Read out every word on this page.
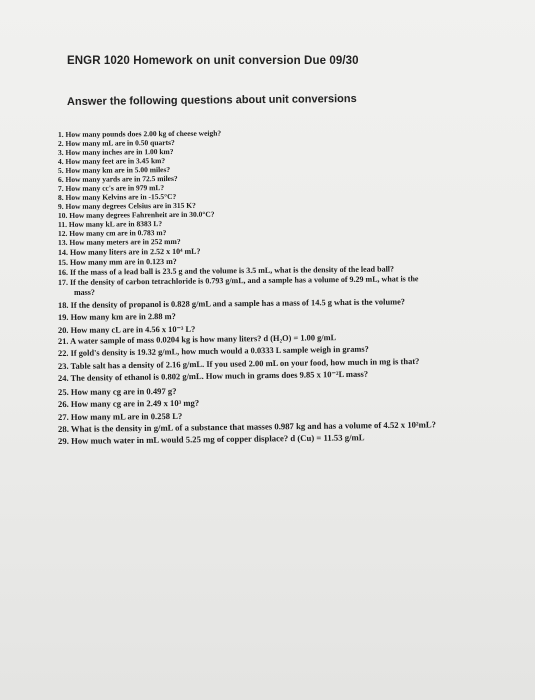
ENGR 1020 Homework on unit conversion Due 09/30
Answer the following questions about unit conversions
1. How many pounds does 2.00 kg of cheese weigh?
2. How many mL are in 0.50 quarts?
3. How many inches are in 1.00 km?
4. How many feet are in 3.45 km?
5. How many km are in 5.00 miles?
6. How many yards are in 72.5 miles?
7. How many cc's are in 979 mL?
8. How many Kelvins are in -15.5°C?
9. How many degrees Celsius are in 315 K?
10. How many degrees Fahrenheit are in 30.0°C?
11. How many kL are in 8383 L?
12. How many cm are in 0.783 m?
13. How many meters are in 252 mm?
14. How many liters are in 2.52 x 10⁴ mL?
15. How many mm are in 0.123 m?
16. If the mass of a lead ball is 23.5 g and the volume is 3.5 mL, what is the density of the lead ball?
17. If the density of carbon tetrachloride is 0.793 g/mL, and a sample has a volume of 9.29 mL, what is the
mass?
18. If the density of propanol is 0.828 g/mL and a sample has a mass of 14.5 g what is the volume?
19. How many km are in 2.88 m?
20. How many cL are in 4.56 x 10⁻³ L?
21. A water sample of mass 0.0204 kg is how many liters? d (H₂O) = 1.00 g/mL
22. If gold's density is 19.32 g/mL, how much would a 0.0333 L sample weigh in grams?
23. Table salt has a density of 2.16 g/mL. If you used 2.00 mL on your food, how much in mg is that?
24. The density of ethanol is 0.802 g/mL. How much in grams does 9.85 x 10⁻²L mass?
25. How many cg are in 0.497 g?
26. How many cg are in 2.49 x 10³ mg?
27. How many mL are in 0.258 L?
28. What is the density in g/mL of a substance that masses 0.987 kg and has a volume of 4.52 x 10²mL?
29. How much water in mL would 5.25 mg of copper displace? d (Cu) = 11.53 g/mL
